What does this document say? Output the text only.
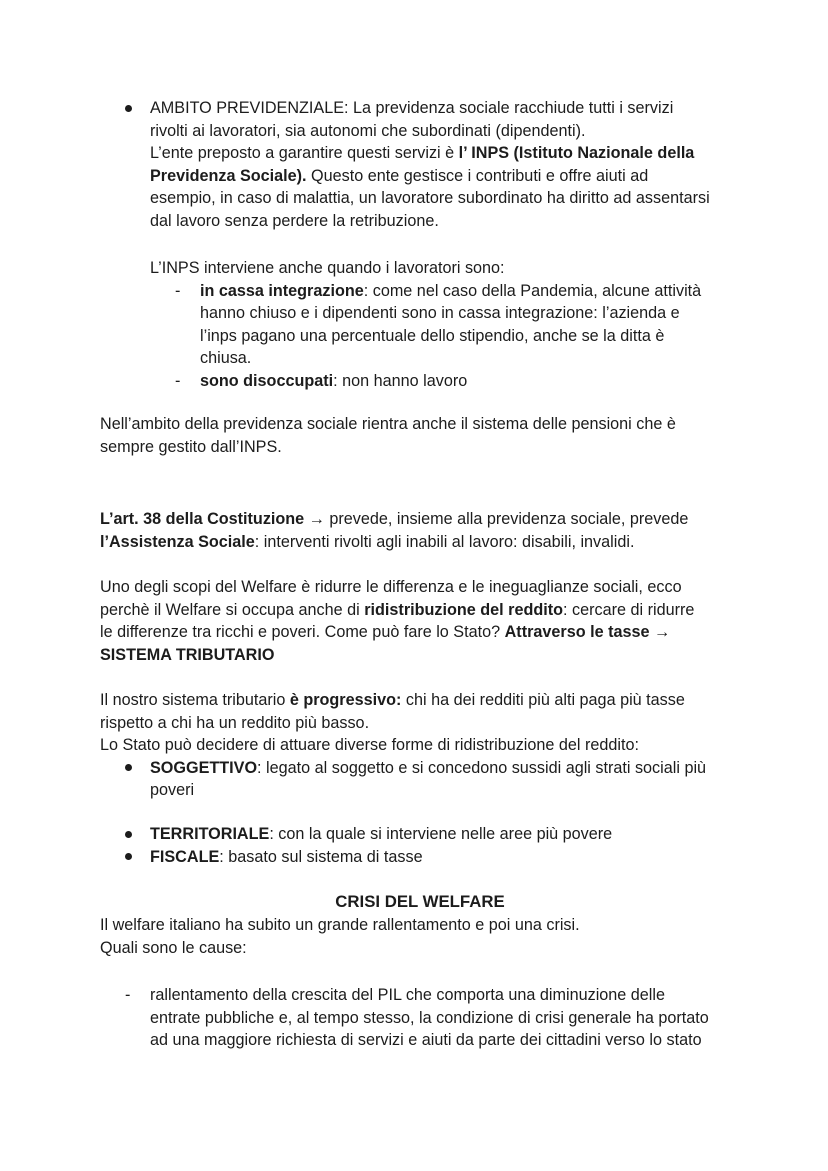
AMBITO PREVIDENZIALE: La previdenza sociale racchiude tutti i servizi
rivolti ai lavoratori, sia autonomi che subordinati (dipendenti).
L’ente preposto a garantire questi servizi è l’ INPS (Istituto Nazionale della
Previdenza Sociale). Questo ente gestisce i contributi e offre aiuti ad
esempio, in caso di malattia, un lavoratore subordinato ha diritto ad assentarsi
dal lavoro senza perdere la retribuzione.
L’INPS interviene anche quando i lavoratori sono:
- in cassa integrazione: come nel caso della Pandemia, alcune attività
hanno chiuso e i dipendenti sono in cassa integrazione: l’azienda e
l’inps pagano una percentuale dello stipendio, anche se la ditta è
chiusa.
- sono disoccupati: non hanno lavoro
Nell’ambito della previdenza sociale rientra anche il sistema delle pensioni che è
sempre gestito dall’INPS.
L’art. 38 della Costituzione → prevede, insieme alla previdenza sociale, prevede
l’Assistenza Sociale: interventi rivolti agli inabili al lavoro: disabili, invalidi.
Uno degli scopi del Welfare è ridurre le differenza e le ineguaglianze sociali, ecco
perchè il Welfare si occupa anche di ridistribuzione del reddito: cercare di ridurre
le differenze tra ricchi e poveri. Come può fare lo Stato? Attraverso le tasse →
SISTEMA TRIBUTARIO
Il nostro sistema tributario è progressivo: chi ha dei redditi più alti paga più tasse
rispetto a chi ha un reddito più basso.
Lo Stato può decidere di attuare diverse forme di ridistribuzione del reddito:
SOGGETTIVO: legato al soggetto e si concedono sussidi agli strati sociali più
poveri
TERRITORIALE: con la quale si interviene nelle aree più povere
FISCALE: basato sul sistema di tasse
CRISI DEL WELFARE
Il welfare italiano ha subito un grande rallentamento e poi una crisi.
Quali sono le cause:
- rallentamento della crescita del PIL che comporta una diminuzione delle
entrate pubbliche e, al tempo stesso, la condizione di crisi generale ha portato
ad una maggiore richiesta di servizi e aiuti da parte dei cittadini verso lo stato
